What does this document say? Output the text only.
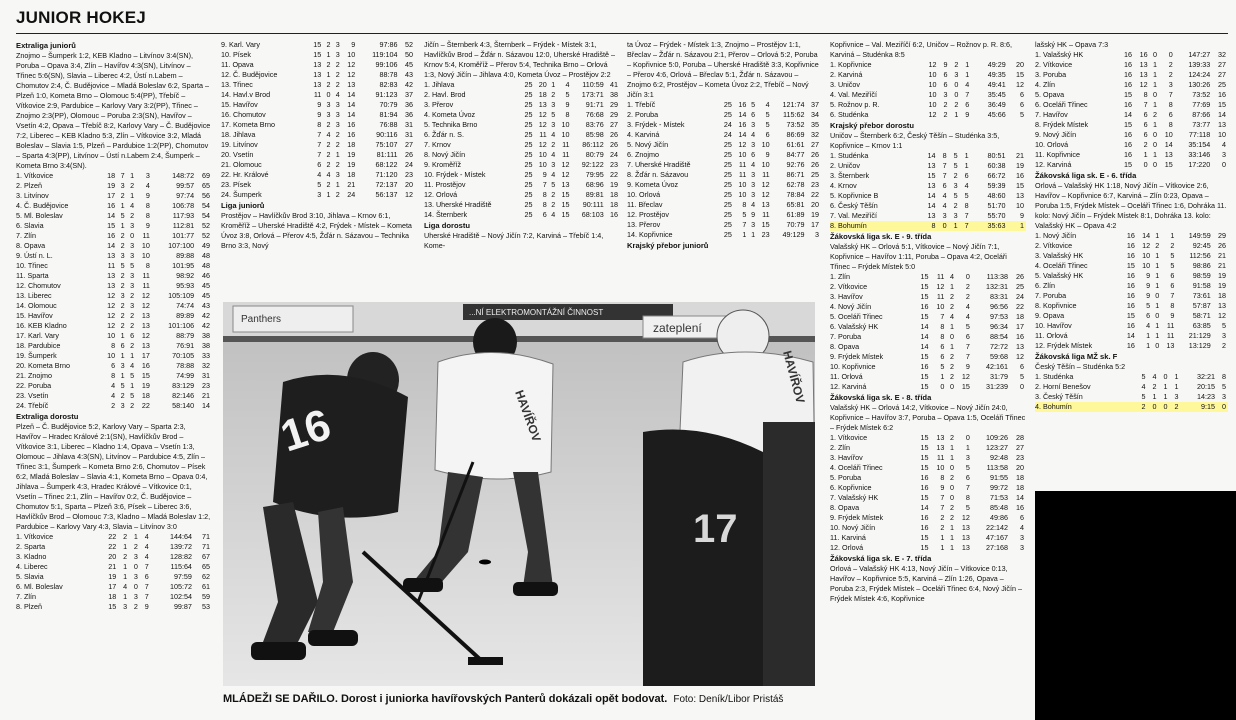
JUNIOR HOKEJ

Extraliga juniorů

Znojmo – Šumperk 1:2, KEB Kladno – Litvínov 3:4(SN), Poruba – Opava 3:4, Zlín – Havířov 4:3(SN), Litvínov – Třinec 5:6(SN), Slavia – Liberec 4:2, Ústí n.Labem – Chomutov 2:4, Č. Budějovice – Mladá Boleslav 6:2, Sparta – Plzeň 1:0, Kometa Brno – Olomouc 5:4(PP), Třebíč – Vítkovice 2:9, Pardubice – Karlovy Vary 3:2(PP), Třinec – Znojmo 2:3(PP), Olomouc – Poruba 2:3(SN), Havířov – Vsetín 4:2, Opava – Třebíč 8:2, Karlovy Vary – Č. Budějovice 7:2, Liberec – KEB Kladno 5:3, Zlín – Vítkovice 3:2, Mladá Boleslav – Slavia 1:5, Plzeň – Pardubice 1:2(PP), Chomutov – Sparta 4:3(PP), Litvínov – Ústí n.Labem 2:4, Šumperk – Kometa Brno 3:4(SN).

1. Vítkovice	18	7	1	3	148:72	69
2. Plzeň	19	3	2	4	99:57	65
3. Litvínov	17	2	1	9	97:74	56
4. Č. Budějovice	16	1	4	8	106:78	54
5. Ml. Boleslav	14	5	2	8	117:93	54
6. Slavia	15	1	3	9	112:81	52
7. Zlín	16	2	0	11	101:77	52
8. Opava	14	2	3	10	107:100	49
9. Ústí n. L.	13	3	3	10	89:88	48
10. Třinec	11	5	5	8	101:95	48
11. Sparta	13	2	3	11	98:92	46
12. Chomutov	13	2	3	11	95:93	45
13. Liberec	12	3	2	12	105:109	45
14. Olomouc	12	2	3	12	74:74	43
15. Havířov	12	2	2	13	89:89	42
16. KEB Kladno	12	2	2	13	101:106	42
17. Karl. Vary	10	1	6	12	88:79	38
18. Pardubice	8	6	2	13	76:91	38
19. Šumperk	10	1	1	17	70:105	33
20. Kometa Brno	6	3	4	16	78:88	32
21. Znojmo	8	1	5	15	74:99	31
22. Poruba	4	5	1	19	83:129	23
23. Vsetín	4	2	5	18	82:146	21
24. Třebíč	2	3	2	22	58:140	14

Extraliga dorostu

Plzeň – Č. Budějovice 5:2, Karlovy Vary – Sparta 2:3, Havířov – Hradec Králové 2:1(SN), Havlíčkův Brod – Vítkovice 3:1, Liberec – Kladno 1:4, Opava – Vsetín 1:3, Olomouc – Jihlava 4:3(SN), Litvínov – Pardubice 4:5, Zlín – Třinec 3:1, Šumperk – Kometa Brno 2:6, Chomutov – Písek 6:2, Mladá Boleslav – Slavia 4:1, Kometa Brno – Opava 0:4, Jihlava – Šumperk 4:3, Hradec Králové – Vítkovice 0:1, Vsetín – Třinec 2:1, Zlín – Havířov 0:2, Č. Budějovice – Chomutov 5:1, Sparta – Plzeň 3:6, Písek – Liberec 3:6, Havlíčkův Brod – Olomouc 7:3, Kladno – Mladá Boleslav 1:2, Pardubice – Karlovy Vary 4:3, Slavia – Litvínov 3:0

1. Vítkovice	22	2	1	4	144:64	71
2. Sparta	22	1	2	4	139:72	71
3. Kladno	20	2	3	4	128:82	67
4. Liberec	21	1	0	7	115:64	65
5. Slavia	19	1	3	6	97:59	62
6. Ml. Boleslav	17	4	0	7	105:72	61
7. Zlín	18	1	3	7	102:54	59
8. Plzeň	15	3	2	9	99:87	53
9. Karl. Vary	15	2	3	9	97:86	52
10. Písek	15	1	3	10	119:104	50
11. Opava	13	2	2	12	99:106	45
12. Č. Budějovice	13	1	2	12	88:78	43
13. Třinec	13	2	2	13	82:83	42
14. Havl.v Brod	11	0	4	14	91:123	37
15. Havířov	9	3	3	14	70:79	36
16. Chomutov	9	3	3	14	81:94	36
17. Kometa Brno	8	2	3	16	76:88	31
18. Jihlava	7	4	2	16	90:116	31
19. Litvínov	7	2	2	18	75:107	27
20. Vsetín	7	2	1	19	81:111	26
21. Olomouc	6	2	2	19	68:122	24
22. Hr. Králové	4	4	3	18	71:120	23
23. Písek	5	2	1	21	72:137	20
24. Šumperk	3	1	2	24	56:137	12

Liga juniorů

Prostějov – Havlíčkův Brod 3:10, Jihlava – Krnov 6:1, Kroměříž – Uherské Hradiště 4:2, Frýdek - Místek – Kometa Úvoz 3:8, Orlová – Přerov 4:5, Žďár n. Sázavou – Technika Brno 3:3, Nový

Jičín – Šternberk 4:3, Šternberk – Frýdek - Místek 3:1, Havlíčkův Brod – Žďár n. Sázavou 12:0, Uherské Hradiště – Krnov 5:4, Kroměříž – Přerov 5:4, Technika Brno – Orlová 1:3, Nový Jičín – Jihlava 4:0, Kometa Úvoz – Prostějov 2:2

1. Jihlava	25	20	1	4	110:59	41
2. Havl. Brod	25	18	2	5	173:71	38
3. Přerov	25	13	3	9	91:71	29
4. Kometa Úvoz	25	12	5	8	76:68	29
5. Technika Brno	25	12	3	10	83:76	27
6. Žďár n. S.	25	11	4	10	85:98	26
7. Krnov	25	12	2	11	86:112	26
8. Nový Jičín	25	10	4	11	80:79	24
9. Kroměříž	25	10	3	12	92:122	23
10. Frýdek - Místek	25	9	4	12	79:95	22
11. Prostějov	25	7	5	13	68:96	19
12. Orlová	25	8	2	15	89:81	18
13. Uherské Hradiště	25	8	2	15	90:111	18
14. Šternberk	25	6	4	15	68:103	16

Liga dorostu

Uherské Hradiště – Nový Jičín 7:2, Karviná – Třebíč 1:4, Kome-

ta Úvoz – Frýdek - Místek 1:3, Znojmo – Prostějov 1:1, Břeclav – Žďár n. Sázavou 2:1, Přerov – Orlová 5:2, Poruba – Kopřivnice 5:0, Poruba – Uherské Hradiště 3:3, Kopřivnice – Přerov 4:6, Orlová – Břeclav 5:1, Žďár n. Sázavou – Znojmo 6:2, Prostějov – Kometa Úvoz 2:2, Třebíč – Nový Jičín 3:1

1. Třebíč	25	16	5	4	121:74	37
2. Poruba	25	14	6	5	115:62	34
3. Frýdek - Místek	24	16	3	5	73:52	35
4. Karviná	24	14	4	6	86:69	32
5. Nový Jičín	25	12	3	10	61:61	27
6. Znojmo	25	10	6	9	84:77	26
7. Uherské Hradiště	25	11	4	10	92:76	26
8. Žďár n. Sázavou	25	11	3	11	86:71	25
9. Kometa Úvoz	25	10	3	12	62:78	23
10. Orlová	25	10	3	12	78:84	22
11. Břeclav	25	8	4	13	65:81	20
12. Prostějov	25	5	9	11	61:89	19
13. Přerov	25	7	3	15	70:79	17
14. Kopřivnice	25	1	1	23	49:129	3

Krajský přebor juniorů

Kopřivnice – Val. Meziříčí 6:2, Uničov – Rožnov p. R. 8:6, Karviná – Studénka 8:5

1. Kopřivnice	12	9	2	1	49:29	20
2. Karviná	10	6	3	1	49:35	15
3. Uničov	10	6	0	4	49:41	12
4. Val. Meziříčí	10	3	0	7	35:45	6
5. Rožnov p. R.	10	2	2	6	36:49	6
6. Studénka	12	2	1	9	45:66	5

Krajský přebor dorostu

Uničov – Šternberk 6:2, Český Těšín – Studénka 3:5, Kopřivnice – Krnov 1:1

1. Studénka	14	8	5	1	80:51	21
2. Uničov	13	7	5	1	60:38	19
3. Šternberk	15	7	2	6	66:72	16
4. Krnov	13	6	3	4	59:39	15
5. Kopřivnice B	14	4	5	5	48:60	13
6. Český Těšín	14	4	2	8	51:70	10
7. Val. Meziříčí	13	3	3	7	55:70	9
8. Bohumín	8	0	1	7	35:63	1

Žákovská liga sk. E - 9. třída

Valašský HK – Orlová 5:1, Vítkovice – Nový Jičín 7:1, Kopřivnice – Havířov 1:11, Poruba – Opava 4:2, Oceláři Třinec – Frýdek Místek 5:0

1. Zlín	15	11	4	0	113:38	26
2. Vítkovice	15	12	1	2	132:31	25
3. Havířov	15	11	2	2	83:31	24
4. Nový Jičín	16	10	2	4	96:56	22
5. Oceláři Třinec	15	7	4	4	97:53	18
6. Valašský HK	14	8	1	5	96:34	17
7. Poruba	14	8	0	6	88:54	16
8. Opava	14	6	1	7	72:72	13
9. Frýdek Místek	15	6	2	7	59:68	12
10. Kopřivnice	16	5	2	9	42:161	6
11. Orlová	15	1	2	12	31:79	5
12. Karviná	15	0	0	15	31:239	0

Žákovská liga sk. E - 8. třída

Valašský HK – Orlová 14:2, Vítkovice – Nový Jičín 24:0, Kopřivnice – Havířov 3:7, Poruba – Opava 1:5, Oceláři Třinec – Frýdek Místek 6:2

1. Vítkovice	15	13	2	0	109:26	28
2. Zlín	15	13	1	1	123:27	27
3. Havířov	15	11	1	3	92:48	23
4. Oceláři Třinec	15	10	0	5	113:58	20
5. Poruba	16	8	2	6	91:55	18
6. Kopřivnice	16	9	0	7	99:72	18
7. Valašský HK	15	7	0	8	71:53	14
8. Opava	14	7	2	5	85:48	16
9. Frýdek Místek	16	2	2	12	49:86	6
10. Nový Jičín	16	2	1	13	22:142	4
11. Karviná	15	1	1	13	47:167	3
12. Orlová	15	1	1	13	27:168	3

Žákovská liga sk. E - 7. třída

Orlová – Valašský HK 4:13, Nový Jičín – Vítkovice 0:13, Havířov – Kopřivnice 5:5, Karviná – Zlín 1:26, Opava – Poruba 2:3, Frýdek Místek – Oceláři Třinec 6:4, Nový Jičín – Frýdek Místek 4:6, Kopřivnice

lašský HK – Opava 7:3

1. Valašský HK	16	16	0	0	147:27	32
2. Vítkovice	16	13	1	2	139:33	27
3. Poruba	16	13	1	2	124:24	27
4. Zlín	16	12	1	3	130:26	25
5. Opava	15	8	0	7	73:52	16
6. Oceláři Třinec	16	7	1	8	77:69	15
7. Havířov	14	6	2	6	87:66	14
8. Frýdek Místek	15	6	1	8	73:77	13
9. Nový Jičín	16	6	0	10	77:118	10
10. Orlová	16	2	0	14	35:154	4
11. Kopřivnice	16	1	1	13	33:146	3
12. Karviná	15	0	0	15	17:220	0

Žákovská liga sk. E - 6. třída

Orlová – Valašský HK 1:18, Nový Jičín – Vítkovice 2:6, Havířov – Kopřivnice 6:7, Karviná – Zlín 0:23, Opava – Poruba 1:5, Frýdek Místek – Oceláři Třinec 1:6, Dohráka 11. kolo: Nový Jičín – Frýdek Místek 8:1, Dohráka 13. kolo: Valašský HK – Opava 4:2

1. Nový Jičín	16	14	1	1	149:59	29
2. Vítkovice	16	12	2	2	92:45	26
3. Valašský HK	16	10	1	5	112:56	21
4. Oceláři Třinec	15	10	1	5	98:86	21
5. Valašský HK	16	9	1	6	98:59	19
6. Zlín	16	9	1	6	91:58	19
7. Poruba	16	9	0	7	73:61	18
8. Kopřivnice	16	5	1	8	57:87	13
9. Opava	15	6	0	9	58:71	12
10. Havířov	16	4	1	11	63:85	5
11. Orlová	14	1	1	11	21:129	3
12. Frýdek Místek	16	1	0	13	13:129	2

Žákovská liga MŽ sk. F

Český Těšín – Studénka 5:2

1. Studénka	5	4	0	1	32:21	8
2. Horní Benešov	4	2	1	1	20:15	5
3. Český Těšín	5	1	1	3	14:23	3
4. Bohumín	2	0	0	2	9:15	0
Panthers
...NÍ ELEKTROMONTÁŽNÍ ČINNOST
zateplení
16	HAVÍŘOV
HAVÍŘOV
17
MLÁDEŽI SE DAŘILO. Dorost i juniorka havířovských Panterů dokázali opět bodovat. Foto: Deník/Libor Pristáš
